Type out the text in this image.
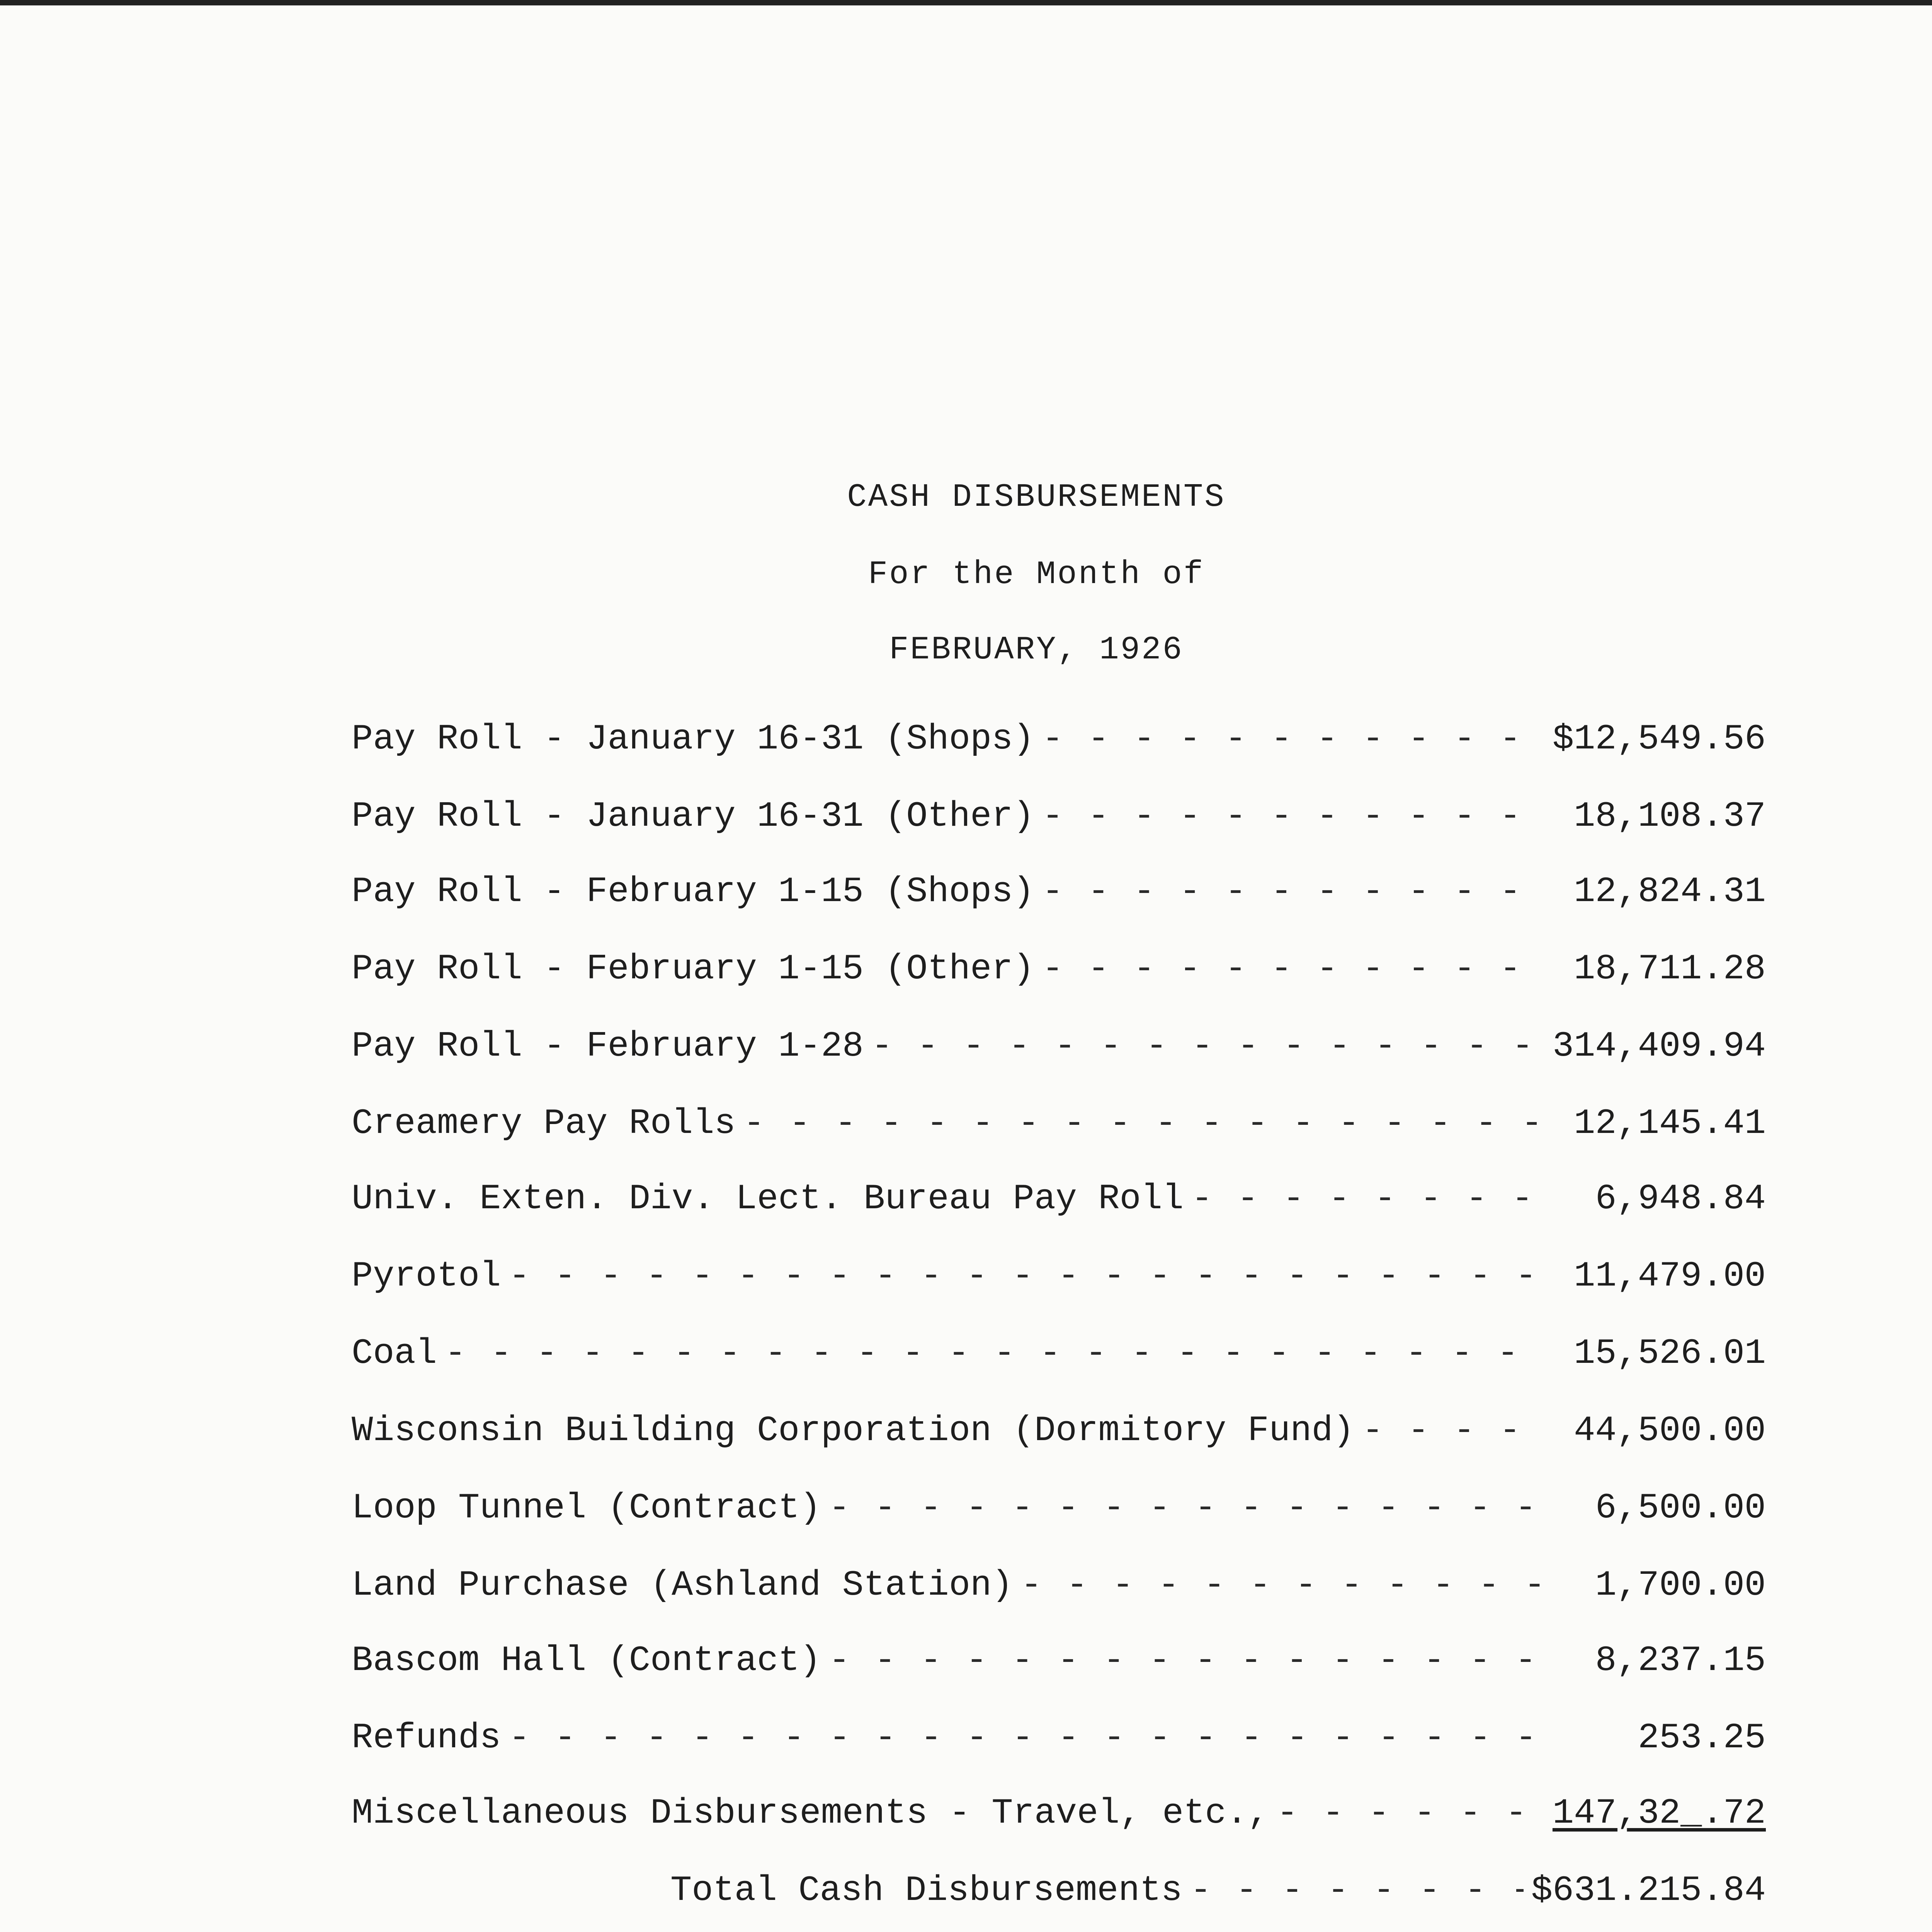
CASH DISBURSEMENTS
For the Month of
FEBRUARY, 1926
Pay Roll - January 16-31 (Shops) - - -	$12,549.56
Pay Roll - January 16-31 (Other) - - -	18,108.37
Pay Roll - February 1-15 (Shops) - - -	12,824.31
Pay Roll - February 1-15 (Other) - - -	18,711.28
Pay Roll - February 1-28 - - -	314,409.94
Creamery Pay Rolls - - -	12,145.41
Univ. Exten. Div. Lect. Bureau Pay Roll - - -	6,948.84
Pyrotol - - -	11,479.00
Coal - - -	15,526.01
Wisconsin Building Corporation (Dormitory Fund) - - -	44,500.00
Loop Tunnel (Contract) - - -	6,500.00
Land Purchase (Ashland Station) - - -	1,700.00
Bascom Hall (Contract) - - -	8,237.15
Refunds - - -	253.25
Miscellaneous Disbursements - Travel, etc., - - -	147,32_.72
Total Cash Disbursements - - -	$631.215.84
